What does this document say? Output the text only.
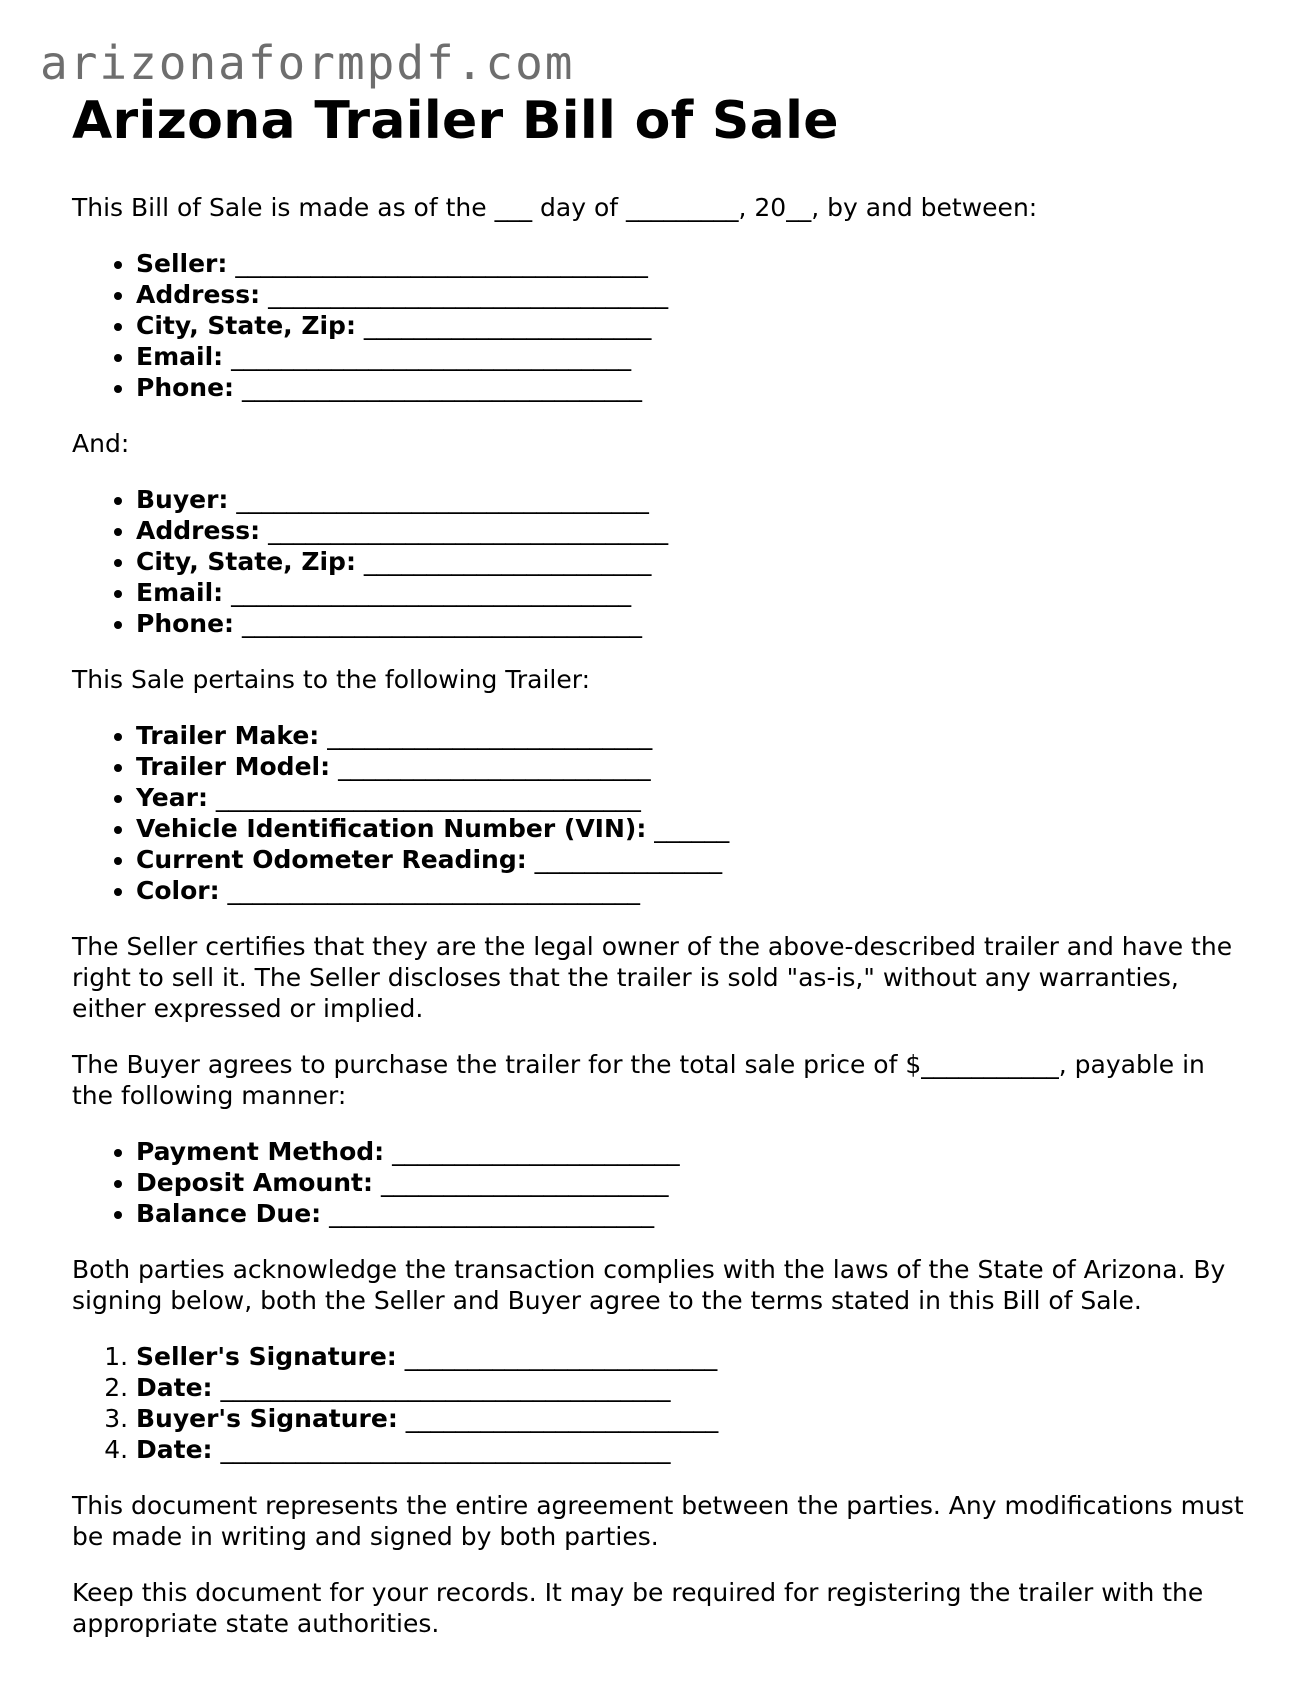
arizonaformpdf.com
Arizona Trailer Bill of Sale

This Bill of Sale is made as of the ___ day of _________, 20__, by and between:

• Seller: _________________________________
• Address: ________________________________
• City, State, Zip: _______________________
• Email: ________________________________
• Phone: ________________________________

And:

• Buyer: _________________________________
• Address: ________________________________
• City, State, Zip: _______________________
• Email: ________________________________
• Phone: ________________________________

This Sale pertains to the following Trailer:

• Trailer Make: __________________________
• Trailer Model: _________________________
• Year: __________________________________
• Vehicle Identification Number (VIN): ______
• Current Odometer Reading: _______________
• Color: _________________________________

The Seller certifies that they are the legal owner of the above-described trailer and have the right to sell it. The Seller discloses that the trailer is sold "as-is," without any warranties, either expressed or implied.

The Buyer agrees to purchase the trailer for the total sale price of $___________, payable in the following manner:

• Payment Method: _______________________
• Deposit Amount: _______________________
• Balance Due: __________________________

Both parties acknowledge the transaction complies with the laws of the State of Arizona. By signing below, both the Seller and Buyer agree to the terms stated in this Bill of Sale.

1. Seller's Signature: _________________________
2. Date: ____________________________________
3. Buyer's Signature: _________________________
4. Date: ____________________________________

This document represents the entire agreement between the parties. Any modifications must be made in writing and signed by both parties.

Keep this document for your records. It may be required for registering the trailer with the appropriate state authorities.
